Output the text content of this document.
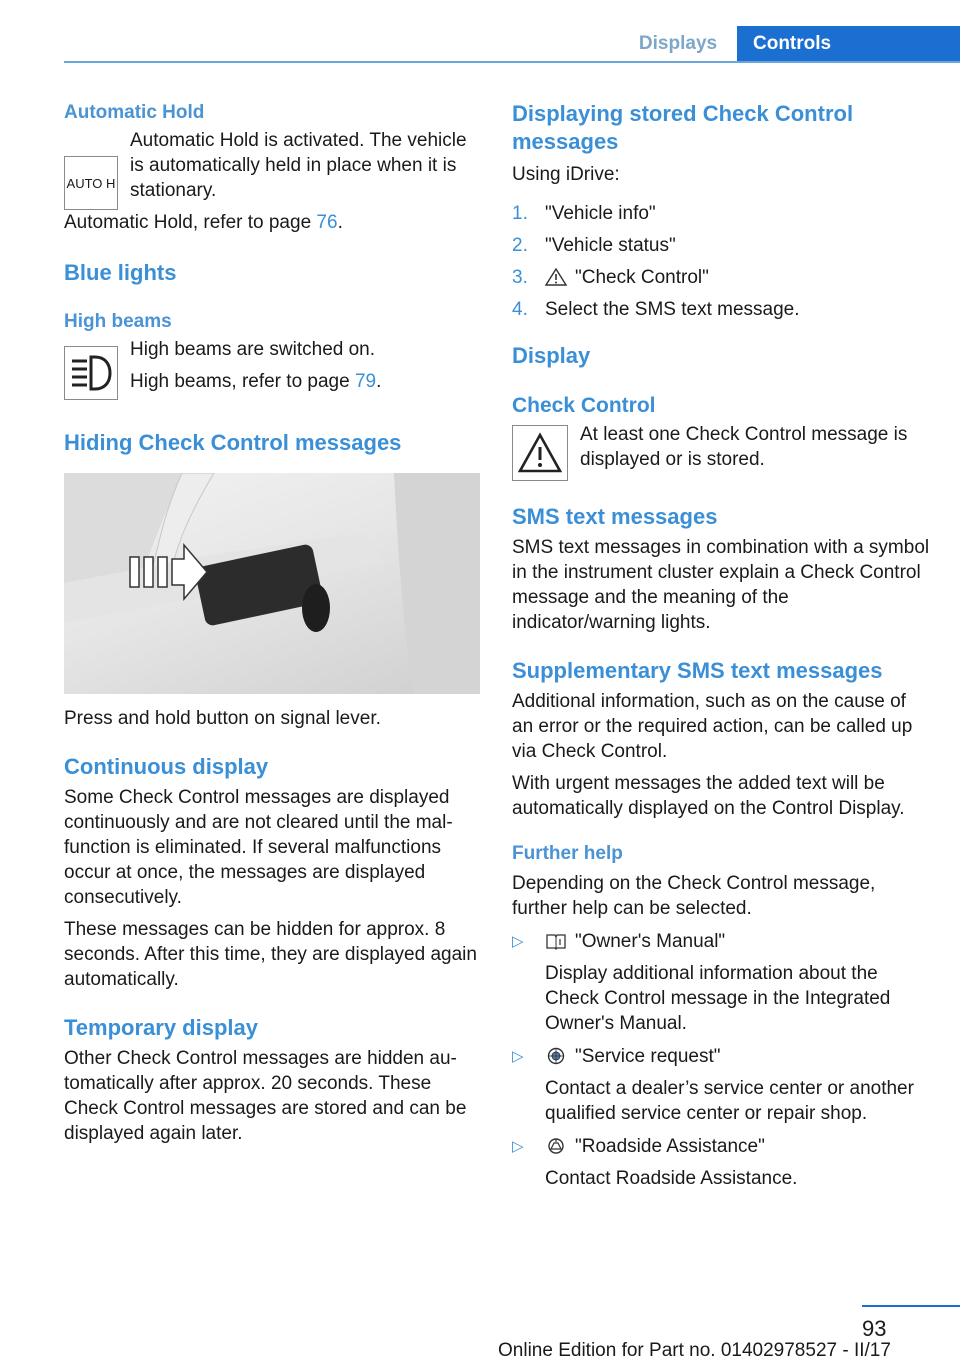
Displays	Controls
Automatic Hold
AUTO H

Automatic Hold is activated. The vehicle is automatically held in place when it is stationary.

Automatic Hold, refer to page 76.

Blue lights
High beams

High beams are switched on.

High beams, refer to page 79.

Hiding Check Control messages

Press and hold button on signal lever.

Continuous display

Some Check Control messages are displayed continuously and are not cleared until the malfunction is eliminated. If several malfunctions occur at once, the messages are displayed consecutively.

These messages can be hidden for approx. 8 seconds. After this time, they are displayed again automatically.

Temporary display

Other Check Control messages are hidden automatically after approx. 20 seconds. These Check Control messages are stored and can be displayed again later.

Displaying stored Check Control messages

Using iDrive:

1. "Vehicle info"
2. "Vehicle status"
3.	"Check Control"
4. Select the SMS text message.
Display
Check Control

At least one Check Control message is displayed or is stored.

SMS text messages

SMS text messages in combination with a symbol in the instrument cluster explain a Check Control message and the meaning of the indicator/warning lights.

Supplementary SMS text messages

Additional information, such as on the cause of an error or the required action, can be called up via Check Control.

With urgent messages the added text will be automatically displayed on the Control Display.

Further help

Depending on the Check Control message, further help can be selected.

▷	"Owner's Manual"
Display additional information about the Check Control message in the Integrated Owner's Manual.
▷	"Service request"
Contact a dealer’s service center or another qualified service center or repair shop.
▷	"Roadside Assistance"
Contact Roadside Assistance.
93
Online Edition for Part no. 01402978527 - II/17
